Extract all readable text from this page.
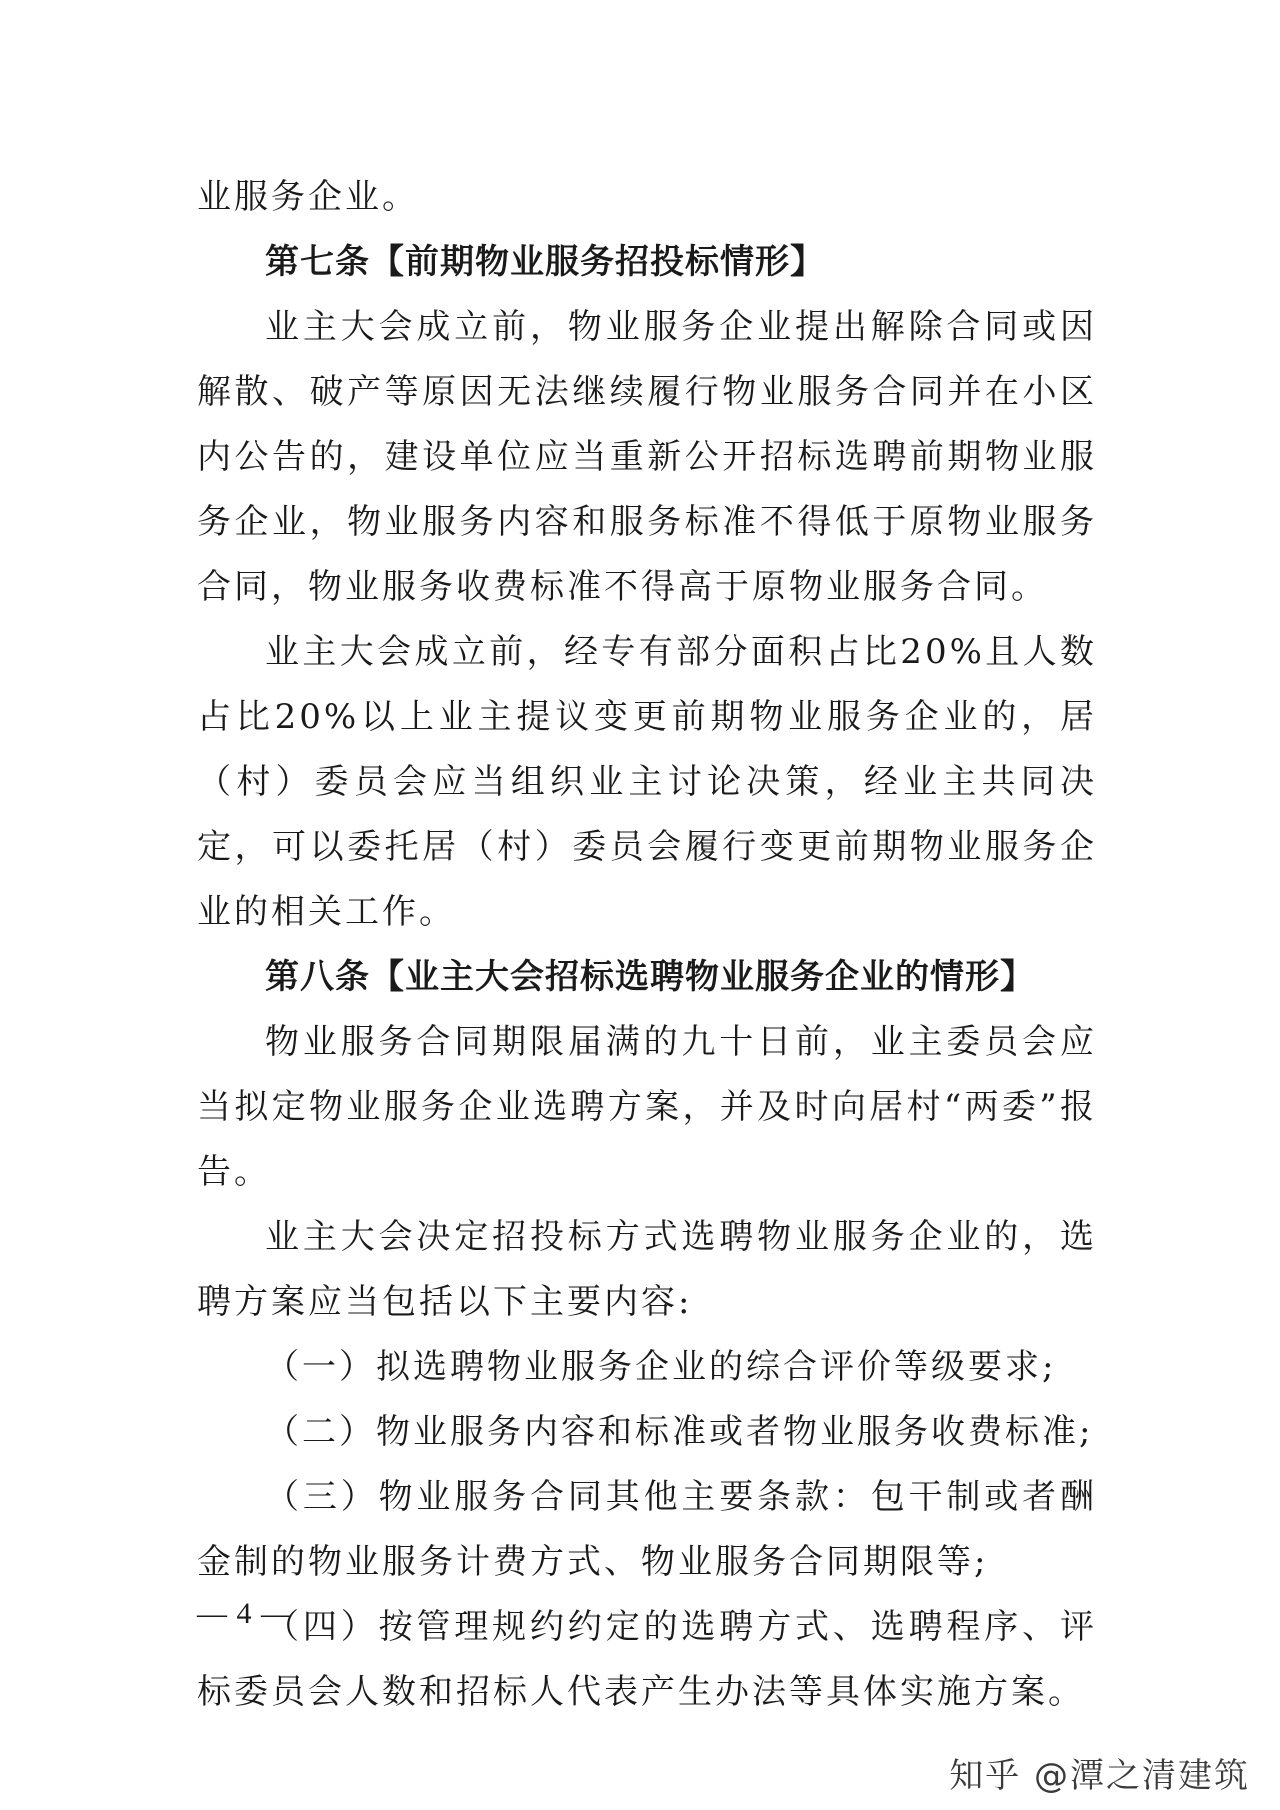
业服务企业。

第七条【前期物业服务招投标情形】

业主大会成立前，物业服务企业提出解除合同或因解散、破产等原因无法继续履行物业服务合同并在小区内公告的，建设单位应当重新公开招标选聘前期物业服务企业，物业服务内容和服务标准不得低于原物业服务合同，物业服务收费标准不得高于原物业服务合同。

业主大会成立前，经专有部分面积占比20%且人数占比20%以上业主提议变更前期物业服务企业的，居（村）委员会应当组织业主讨论决策，经业主共同决定，可以委托居（村）委员会履行变更前期物业服务企业的相关工作。

第八条【业主大会招标选聘物业服务企业的情形】

物业服务合同期限届满的九十日前，业主委员会应当拟定物业服务企业选聘方案，并及时向居村“两委”报告。

业主大会决定招投标方式选聘物业服务企业的，选聘方案应当包括以下主要内容:

（一）拟选聘物业服务企业的综合评价等级要求;

（二）物业服务内容和标准或者物业服务收费标准;

（三）物业服务合同其他主要条款：包干制或者酬金制的物业服务计费方式、物业服务合同期限等;

（四）按管理规约约定的选聘方式、选聘程序、评标委员会人数和招标人代表产生办法等具体实施方案。

— 4 —
知乎 @潭之清建筑
